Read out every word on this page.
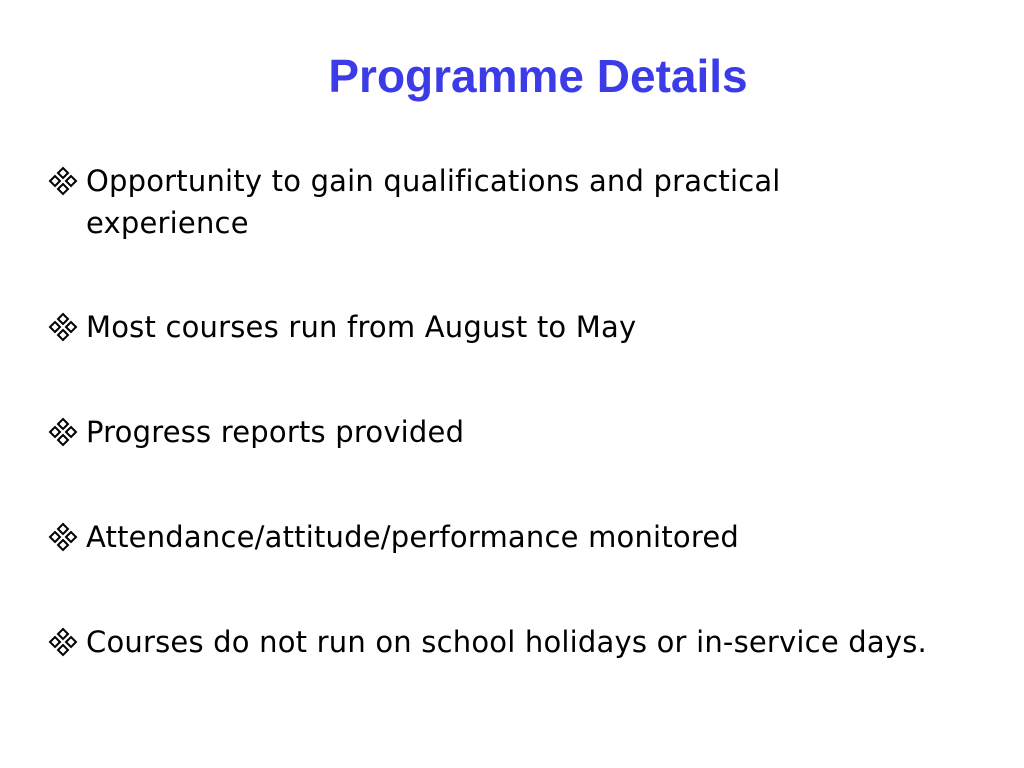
Programme Details
Opportunity to gain qualifications and practical experience
Most courses run from August to May
Progress reports provided
Attendance/attitude/performance monitored
Courses do not run on school holidays or in-service days.
